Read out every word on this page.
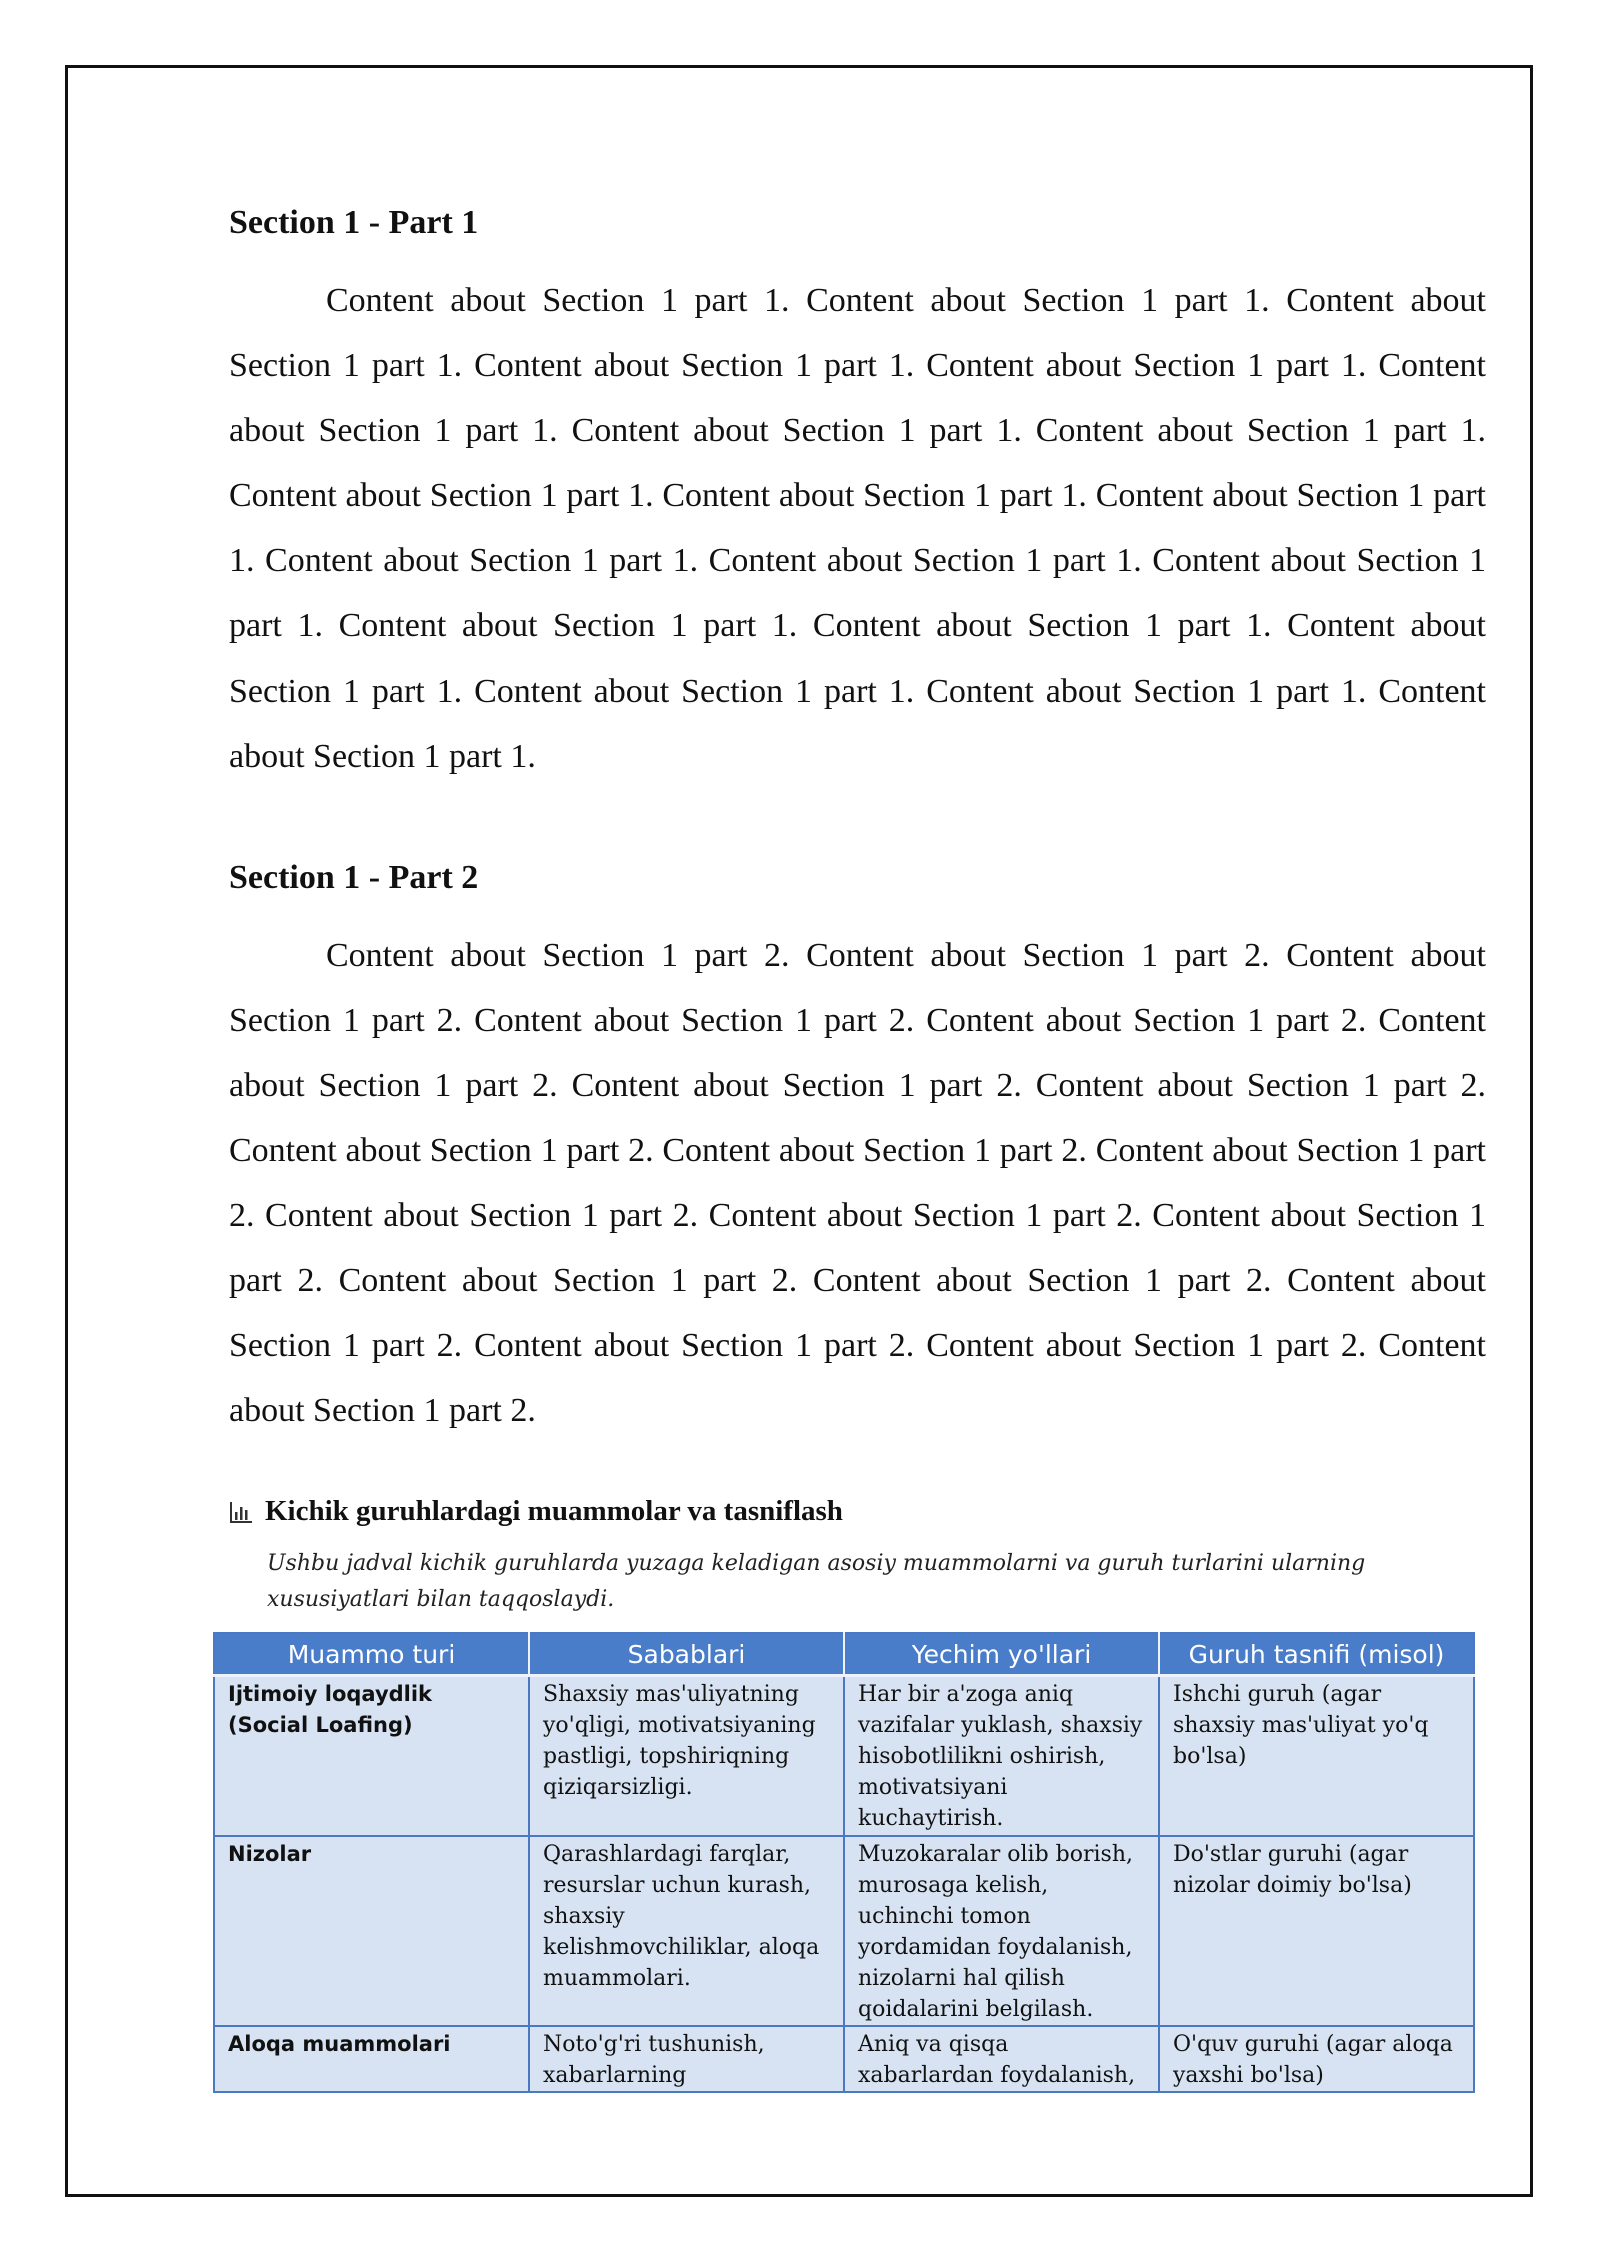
Section 1 - Part 1

Content about Section 1 part 1. Content about Section 1 part 1. Content about Section 1 part 1. Content about Section 1 part 1. Content about Section 1 part 1. Content about Section 1 part 1. Content about Section 1 part 1. Content about Section 1 part 1. Content about Section 1 part 1. Content about Section 1 part 1. Content about Section 1 part 1. Content about Section 1 part 1. Content about Section 1 part 1. Content about Section 1 part 1. Content about Section 1 part 1. Content about Section 1 part 1. Content about Section 1 part 1. Content about Section 1 part 1. Content about Section 1 part 1. Content about Section 1 part 1.

Section 1 - Part 2

Content about Section 1 part 2. Content about Section 1 part 2. Content about Section 1 part 2. Content about Section 1 part 2. Content about Section 1 part 2. Content about Section 1 part 2. Content about Section 1 part 2. Content about Section 1 part 2. Content about Section 1 part 2. Content about Section 1 part 2. Content about Section 1 part 2. Content about Section 1 part 2. Content about Section 1 part 2. Content about Section 1 part 2. Content about Section 1 part 2. Content about Section 1 part 2. Content about Section 1 part 2. Content about Section 1 part 2. Content about Section 1 part 2. Content about Section 1 part 2.

Kichik guruhlardagi muammolar va tasniflash
Ushbu jadval kichik guruhlarda yuzaga keladigan asosiy muammolarni va guruh turlarini ularning xususiyatlari bilan taqqoslaydi.
Muammo turi	Sabablari	Yechim yo'llari	Guruh tasnifi (misol)
Ijtimoiy loqaydlik (Social Loafing)	Shaxsiy mas'uliyatning yo'qligi, motivatsiyaning pastligi, topshiriqning qiziqarsizligi.	Har bir a'zoga aniq vazifalar yuklash, shaxsiy hisobotlilikni oshirish, motivatsiyani kuchaytirish.	Ishchi guruh (agar shaxsiy mas'uliyat yo'q bo'lsa)
Nizolar	Qarashlardagi farqlar, resurslar uchun kurash, shaxsiy kelishmovchiliklar, aloqa muammolari.	Muzokaralar olib borish, murosaga kelish, uchinchi tomon yordamidan foydalanish, nizolarni hal qilish qoidalarini belgilash.	Do'stlar guruhi (agar nizolar doimiy bo'lsa)
Aloqa muammolari	Noto'g'ri tushunish, xabarlarning	Aniq va qisqa xabarlardan foydalanish,	O'quv guruhi (agar aloqa yaxshi bo'lsa)
